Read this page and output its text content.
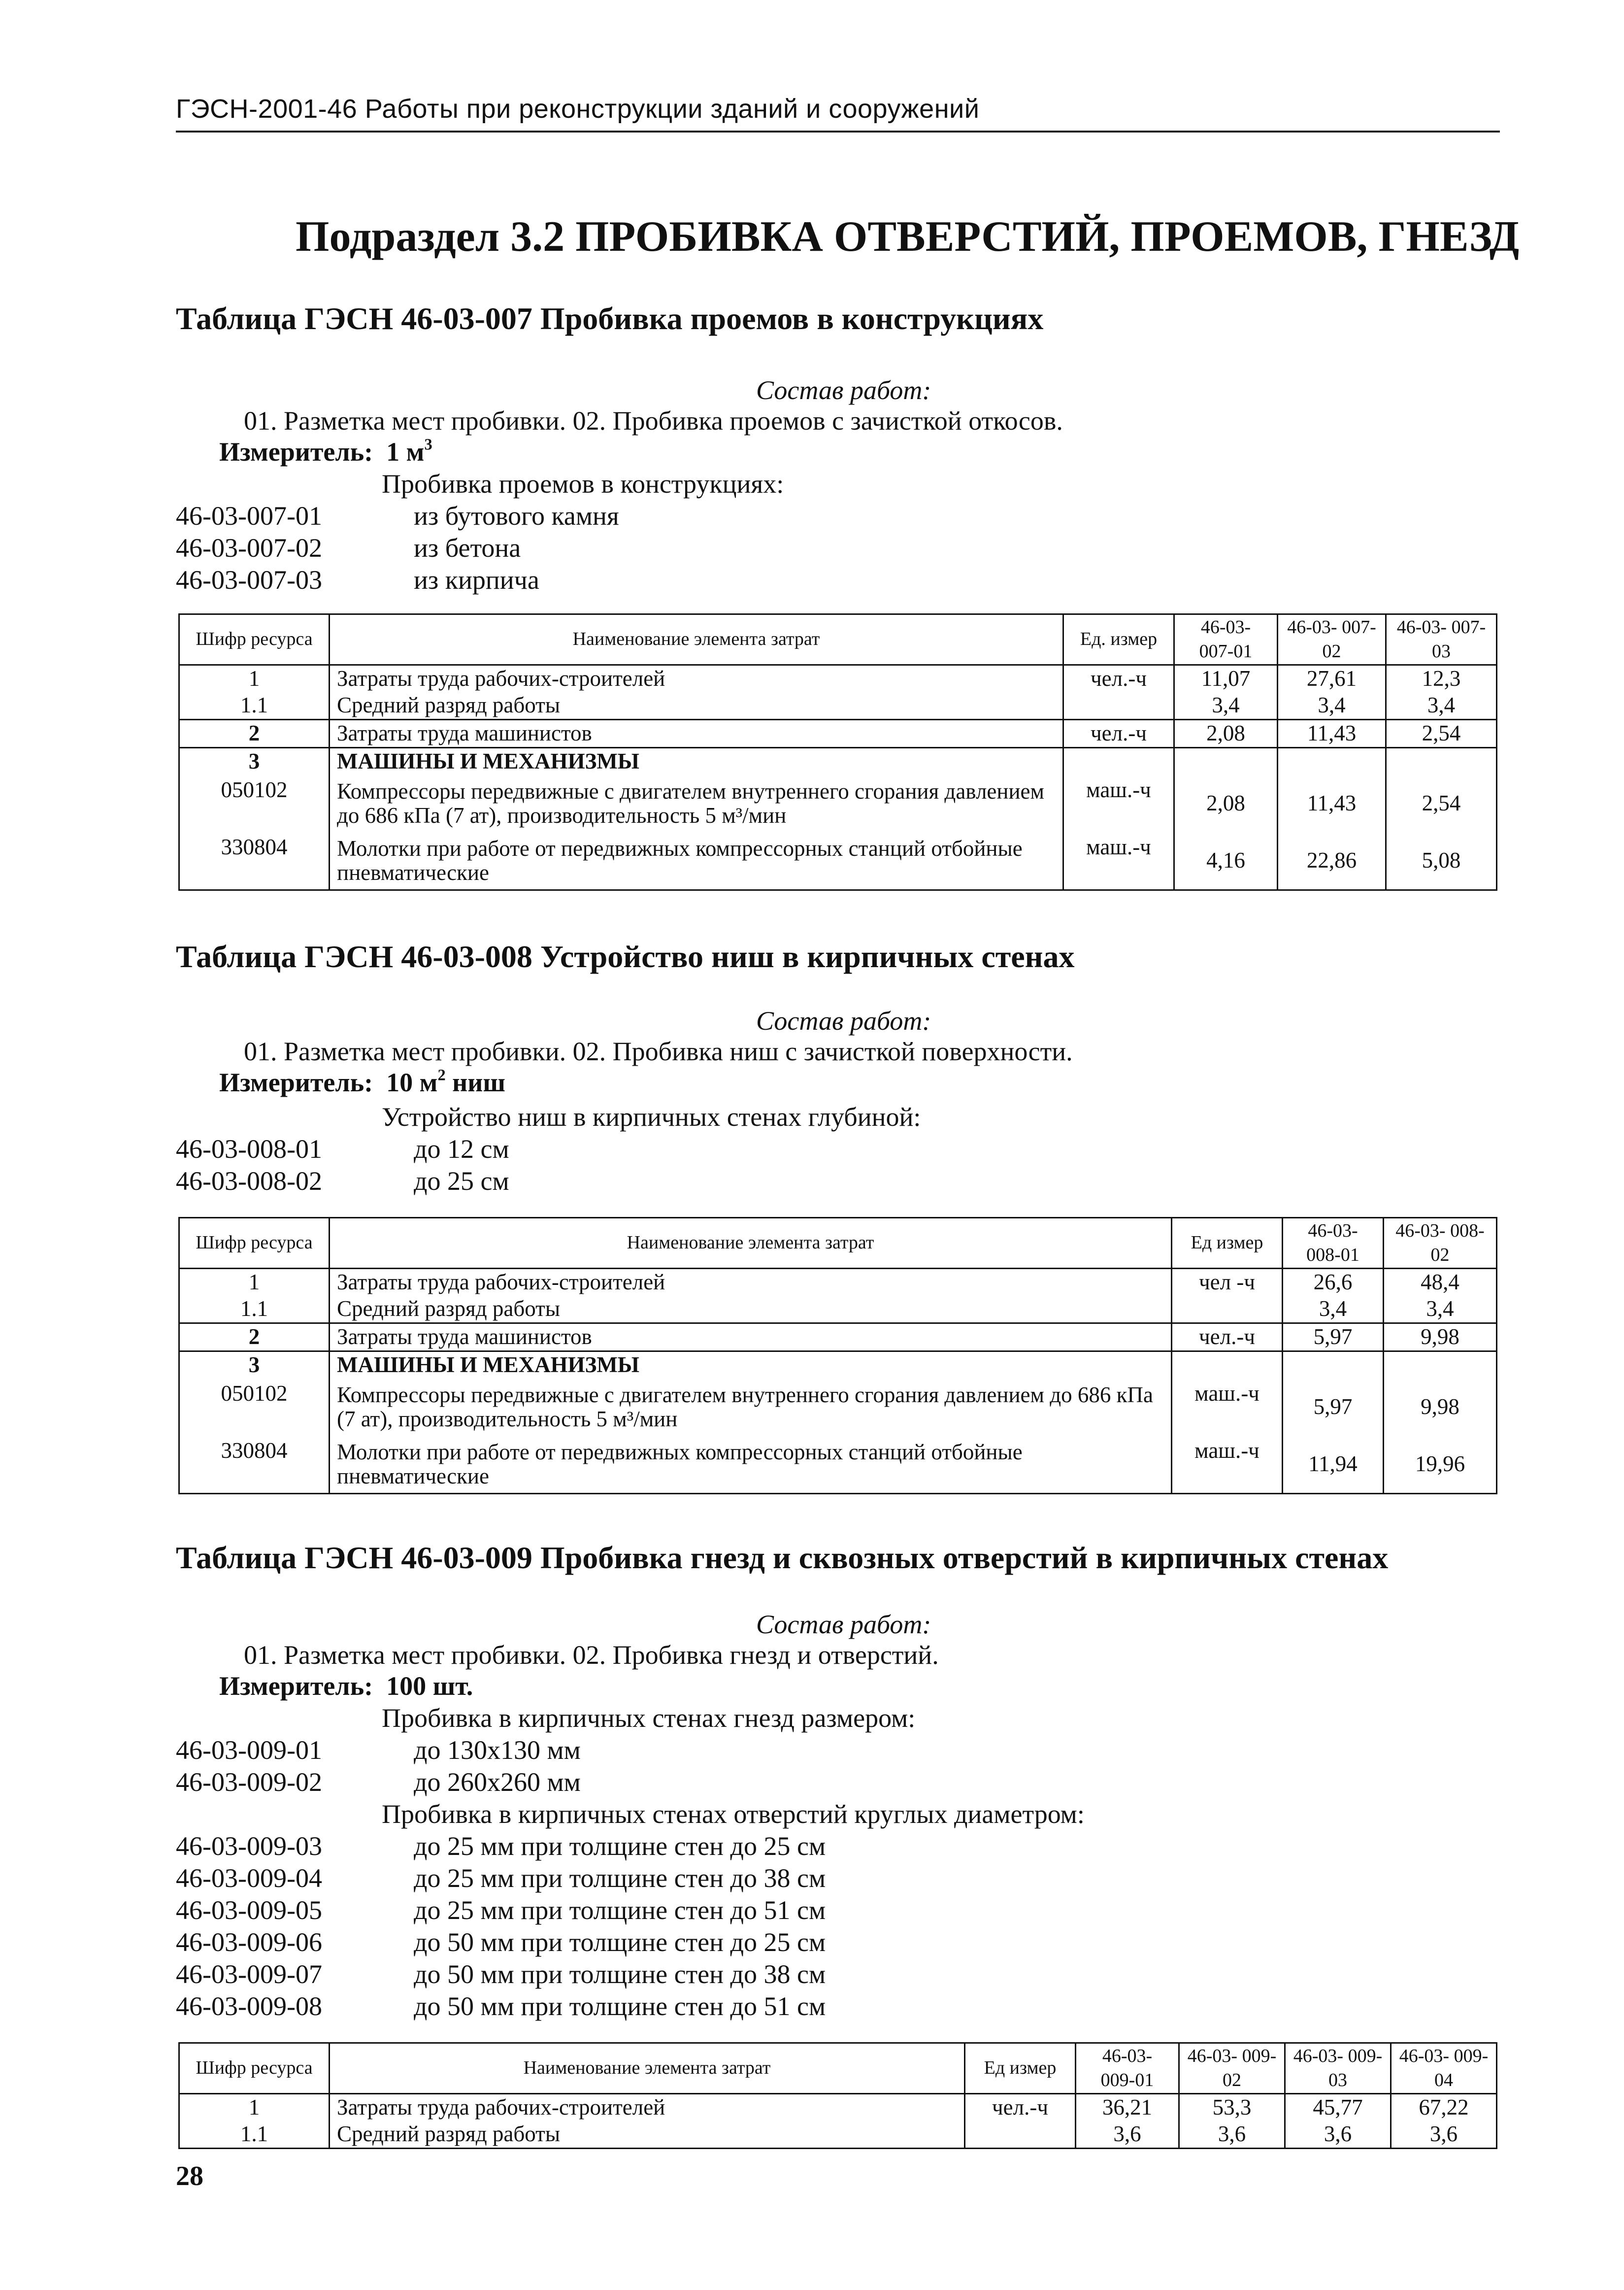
ГЭСН-2001-46 Работы при реконструкции зданий и сооружений
Подраздел 3.2 ПРОБИВКА ОТВЕРСТИЙ, ПРОЕМОВ, ГНЕЗД
Таблица ГЭСН 46-03-007 Пробивка проемов в конструкциях
Состав работ:
01. Разметка мест пробивки. 02. Пробивка проемов с зачисткой откосов.
Измеритель: 1 $м^3$
Пробивка проемов в конструкциях:
46-03-007-01	из бутового камня
46-03-007-02	из бетона
46-03-007-03	из кирпича
Шифр ресурса	Наименование элемента затрат	Ед. измер	46-03- 007-01	46-03- 007-02	46-03- 007-03
1	Затраты труда рабочих-строителей	чел.-ч	11,07	27,61	12,3
1.1	Средний разряд работы		3,4	3,4	3,4
2	Затраты труда машинистов	чел.-ч	2,08	11,43	2,54
3	МАШИНЫ И МЕХАНИЗМЫ				
050102	Компрессоры передвижные с двигателем внутреннего сгорания давлением до 686 кПа (7 ат), производительность 5 м³/мин	маш.-ч	2,08	11,43	2,54
330804	Молотки при работе от передвижных компрессорных станций отбойные пневматические	маш.-ч	4,16	22,86	5,08
Таблица ГЭСН 46-03-008 Устройство ниш в кирпичных стенах
Состав работ:
01. Разметка мест пробивки. 02. Пробивка ниш с зачисткой поверхности.
Измеритель: 10 $м^2$ ниш
Устройство ниш в кирпичных стенах глубиной:
46-03-008-01	до 12 см
46-03-008-02	до 25 см
Шифр ресурса	Наименование элемента затрат	Ед измер	46-03- 008-01	46-03- 008-02
1	Затраты труда рабочих-строителей	чел -ч	26,6	48,4
1.1	Средний разряд работы		3,4	3,4
2	Затраты труда машинистов	чел.-ч	5,97	9,98
3	МАШИНЫ И МЕХАНИЗМЫ			
050102	Компрессоры передвижные с двигателем внутреннего сгорания давлением до 686 кПа (7 ат), производительность 5 м³/мин	маш.-ч	5,97	9,98
330804	Молотки при работе от передвижных компрессорных станций отбойные пневматические	маш.-ч	11,94	19,96
Таблица ГЭСН 46-03-009 Пробивка гнезд и сквозных отверстий в кирпичных стенах
Состав работ:
01. Разметка мест пробивки. 02. Пробивка гнезд и отверстий.
Измеритель: 100 шт.
Пробивка в кирпичных стенах гнезд размером:
46-03-009-01	до 130х130 мм
46-03-009-02	до 260х260 мм
Пробивка в кирпичных стенах отверстий круглых диаметром:
46-03-009-03	до 25 мм при толщине стен до 25 см
46-03-009-04	до 25 мм при толщине стен до 38 см
46-03-009-05	до 25 мм при толщине стен до 51 см
46-03-009-06	до 50 мм при толщине стен до 25 см
46-03-009-07	до 50 мм при толщине стен до 38 см
46-03-009-08	до 50 мм при толщине стен до 51 см
Шифр ресурса	Наименование элемента затрат	Ед измер	46-03- 009-01	46-03- 009-02	46-03- 009-03	46-03- 009-04
1	Затраты труда рабочих-строителей	чел.-ч	36,21	53,3	45,77	67,22
1.1	Средний разряд работы		3,6	3,6	3,6	3,6
28
